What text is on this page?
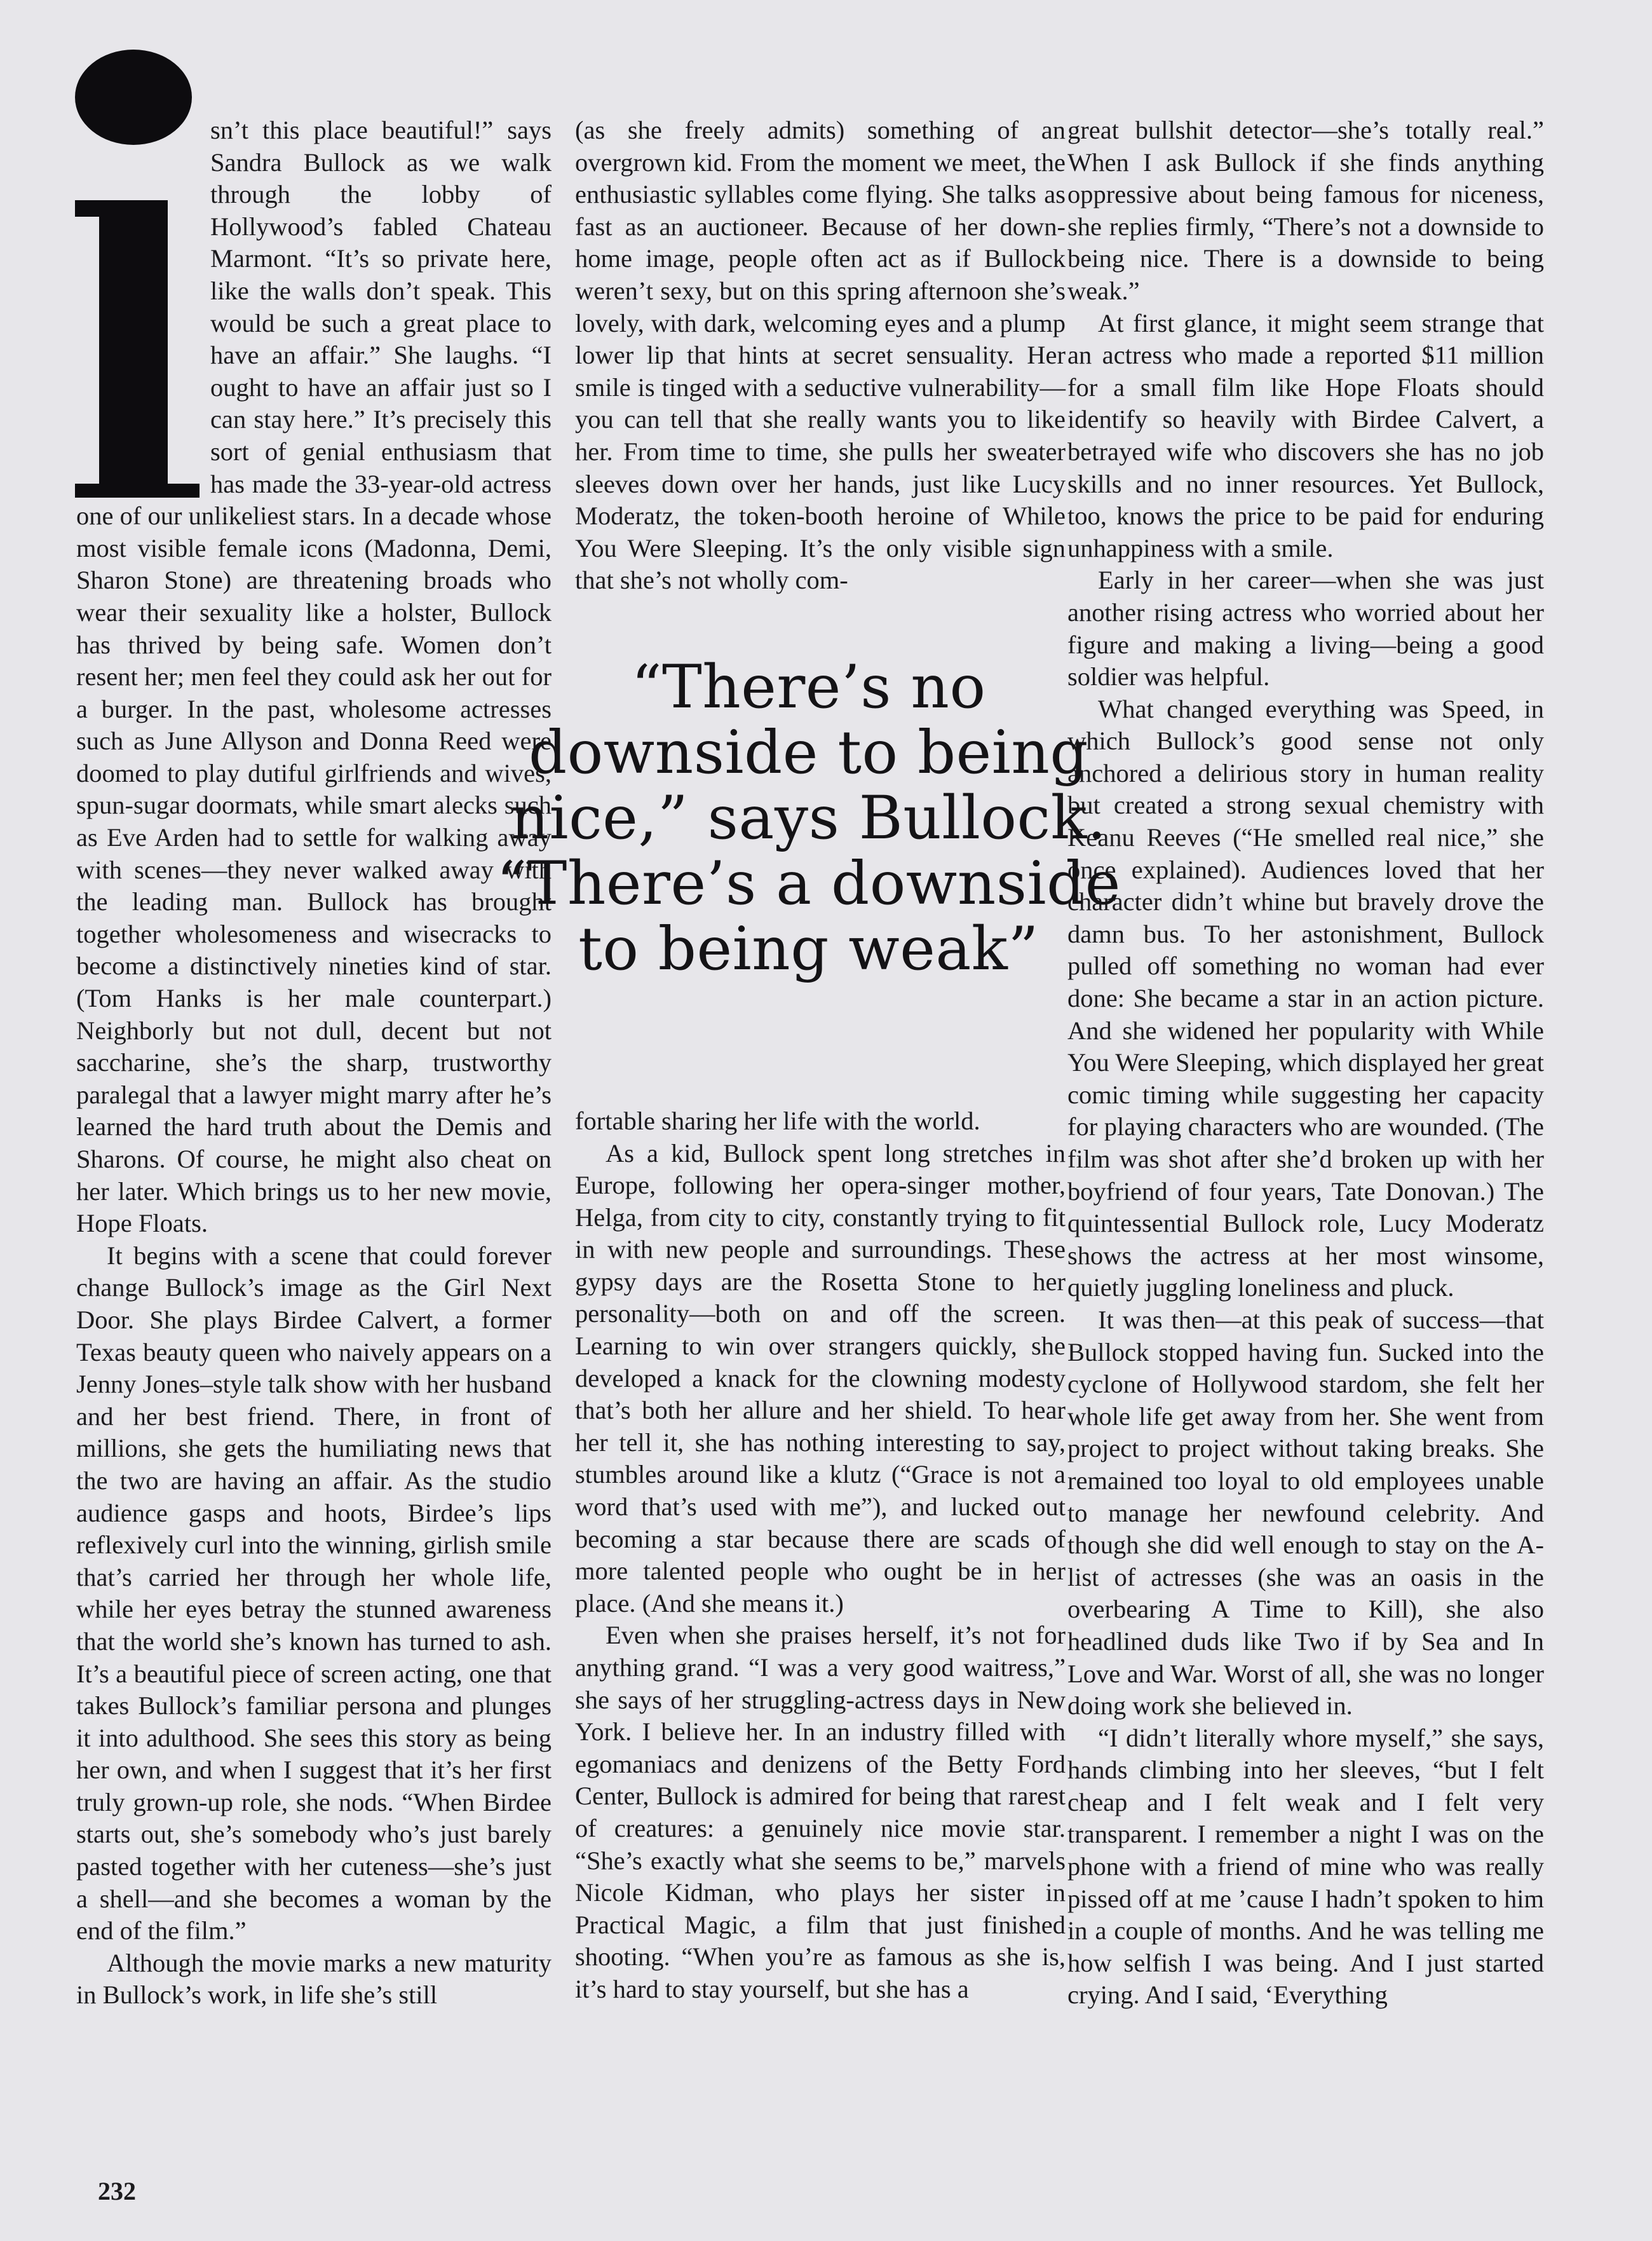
sn’t this place beautiful!” says Sandra Bullock as we walk through the lobby of Hollywood’s fabled Chateau Marmont. “It’s so private here, like the walls don’t speak. This would be such a great place to have an affair.” She laughs. “I ought to have an affair just so I can stay here.” It’s precisely this sort of genial enthusiasm that has made the 33-year-old actress one of our unlikeliest stars. In a decade whose most visible female icons (Madonna, Demi, Sharon Stone) are threatening broads who wear their sexuality like a holster, Bullock has thrived by being safe. Women don’t resent her; men feel they could ask her out for a burger. In the past, wholesome actresses such as June Allyson and Donna Reed were doomed to play dutiful girlfriends and wives, spun-sugar doormats, while smart alecks such as Eve Arden had to settle for walking away with scenes—they never walked away with the leading man. Bullock has brought together wholesomeness and wisecracks to become a distinctively nineties kind of star. (Tom Hanks is her male counterpart.) Neighborly but not dull, decent but not saccharine, she’s the sharp, trustworthy paralegal that a lawyer might marry after he’s learned the hard truth about the Demis and Sharons. Of course, he might also cheat on her later. Which brings us to her new movie, Hope Floats.

It begins with a scene that could forever change Bullock’s image as the Girl Next Door. She plays Birdee Calvert, a former Texas beauty queen who naively appears on a Jenny Jones–style talk show with her husband and her best friend. There, in front of millions, she gets the humiliating news that the two are having an affair. As the studio audience gasps and hoots, Birdee’s lips reflexively curl into the winning, girlish smile that’s carried her through her whole life, while her eyes betray the stunned awareness that the world she’s known has turned to ash. It’s a beautiful piece of screen acting, one that takes Bullock’s familiar persona and plunges it into adulthood. She sees this story as being her own, and when I suggest that it’s her first truly grown-up role, she nods. “When Birdee starts out, she’s somebody who’s just barely pasted together with her cuteness—she’s just a shell—and she becomes a woman by the end of the film.”

Although the movie marks a new maturity in Bullock’s work, in life she’s still

(as she freely admits) something of an overgrown kid. From the moment we meet, the enthusiastic syllables come flying. She talks as fast as an auctioneer. Because of her down-home image, people often act as if Bullock weren’t sexy, but on this spring afternoon she’s lovely, with dark, welcoming eyes and a plump lower lip that hints at secret sensuality. Her smile is tinged with a seductive vulnerability—you can tell that she really wants you to like her. From time to time, she pulls her sweater sleeves down over her hands, just like Lucy Moderatz, the token-booth heroine of While You Were Sleeping. It’s the only visible sign that she’s not wholly com-

fortable sharing her life with the world.

As a kid, Bullock spent long stretches in Europe, following her opera-singer mother, Helga, from city to city, constantly trying to fit in with new people and surroundings. These gypsy days are the Rosetta Stone to her personality—both on and off the screen. Learning to win over strangers quickly, she developed a knack for the clowning modesty that’s both her allure and her shield. To hear her tell it, she has nothing interesting to say, stumbles around like a klutz (“Grace is not a word that’s used with me”), and lucked out becoming a star because there are scads of more talented people who ought be in her place. (And she means it.)

Even when she praises herself, it’s not for anything grand. “I was a very good waitress,” she says of her struggling-actress days in New York. I believe her. In an industry filled with egomaniacs and denizens of the Betty Ford Center, Bullock is admired for being that rarest of creatures: a genuinely nice movie star. “She’s exactly what she seems to be,” marvels Nicole Kidman, who plays her sister in Practical Magic, a film that just finished shooting. “When you’re as famous as she is, it’s hard to stay yourself, but she has a

great bullshit detector—she’s totally real.” When I ask Bullock if she finds anything oppressive about being famous for niceness, she replies firmly, “There’s not a downside to being nice. There is a downside to being weak.”

At first glance, it might seem strange that an actress who made a reported $11 million for a small film like Hope Floats should identify so heavily with Birdee Calvert, a betrayed wife who discovers she has no job skills and no inner resources. Yet Bullock, too, knows the price to be paid for enduring unhappiness with a smile.

Early in her career—when she was just another rising actress who worried about her figure and making a living—being a good soldier was helpful.

What changed everything was Speed, in which Bullock’s good sense not only anchored a delirious story in human reality but created a strong sexual chemistry with Keanu Reeves (“He smelled real nice,” she once explained). Audiences loved that her character didn’t whine but bravely drove the damn bus. To her astonishment, Bullock pulled off something no woman had ever done: She became a star in an action picture. And she widened her popularity with While You Were Sleeping, which displayed her great comic timing while suggesting her capacity for playing characters who are wounded. (The film was shot after she’d broken up with her boyfriend of four years, Tate Donovan.) The quintessential Bullock role, Lucy Moderatz shows the actress at her most winsome, quietly juggling loneliness and pluck.

It was then—at this peak of success—that Bullock stopped having fun. Sucked into the cyclone of Hollywood stardom, she felt her whole life get away from her. She went from project to project without taking breaks. She remained too loyal to old employees unable to manage her newfound celebrity. And though she did well enough to stay on the A-list of actresses (she was an oasis in the overbearing A Time to Kill), she also headlined duds like Two if by Sea and In Love and War. Worst of all, she was no longer doing work she believed in.

“I didn’t literally whore myself,” she says, hands climbing into her sleeves, “but I felt cheap and I felt weak and I felt very transparent. I remember a night I was on the phone with a friend of mine who was really pissed off at me ’cause I hadn’t spoken to him in a couple of months. And he was telling me how selfish I was being. And I just started crying. And I said, ‘Everything

“There’s no downside to being nice,” says Bullock. “There’s a downside to being weak”
232
